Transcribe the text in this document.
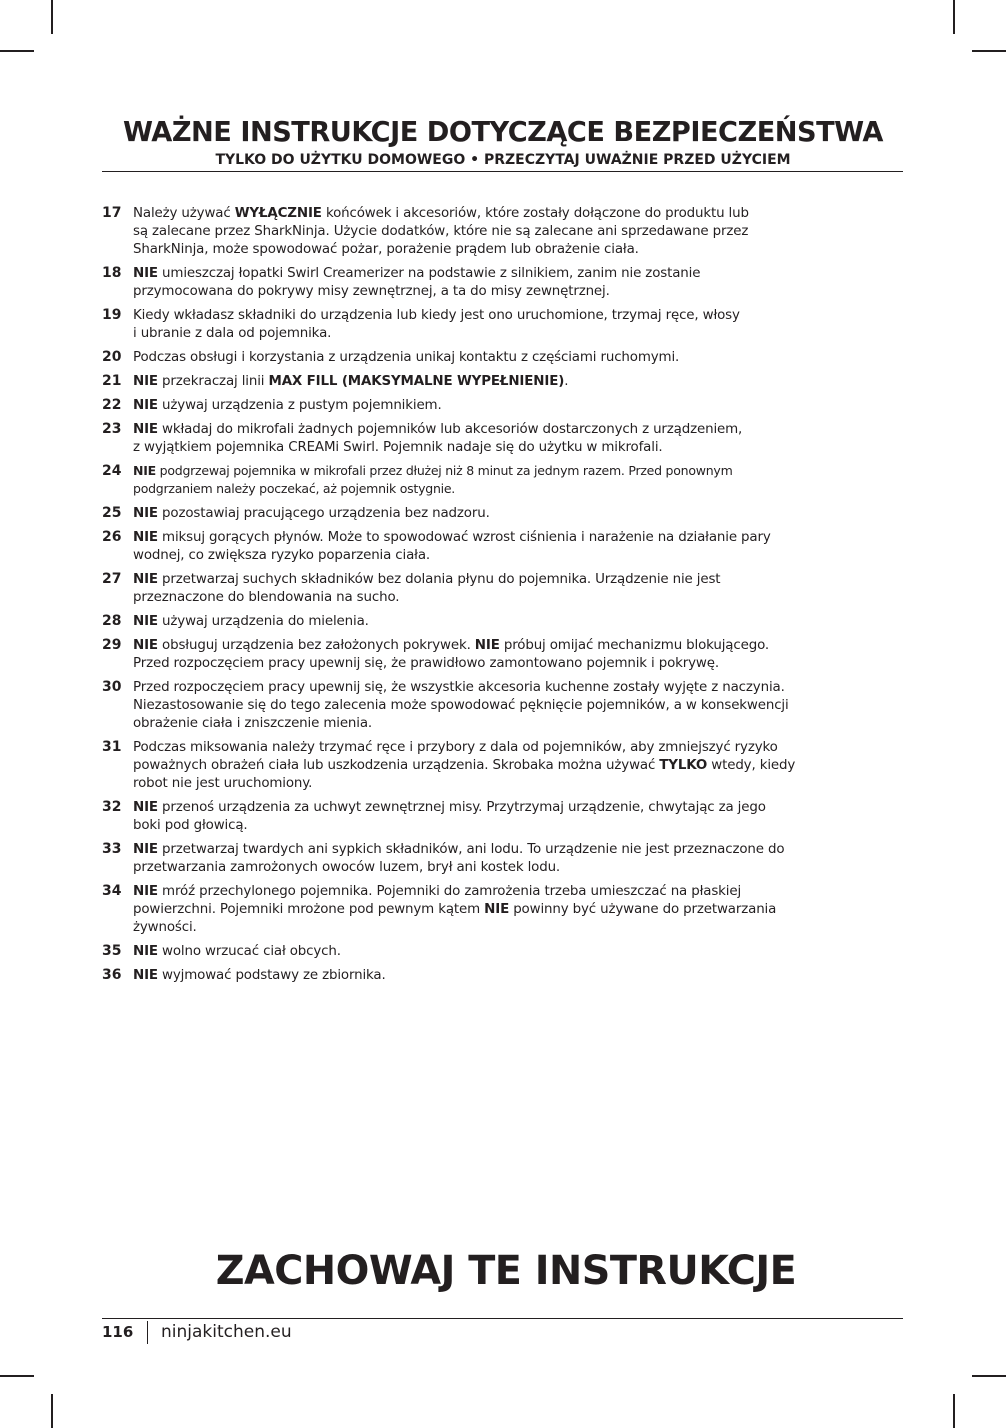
WAŻNE INSTRUKCJE DOTYCZĄCE BEZPIECZEŃSTWA
TYLKO DO UŻYTKU DOMOWEGO • PRZECZYTAJ UWAŻNIE PRZED UŻYCIEM
17 Należy używać WYŁĄCZNIE końcówek i akcesoriów, które zostały dołączone do produktu lub
są zalecane przez SharkNinja. Użycie dodatków, które nie są zalecane ani sprzedawane przez
SharkNinja, może spowodować pożar, porażenie prądem lub obrażenie ciała.

18 NIE umieszczaj łopatki Swirl Creamerizer na podstawie z silnikiem, zanim nie zostanie
przymocowana do pokrywy misy zewnętrznej, a ta do misy zewnętrznej.

19 Kiedy wkładasz składniki do urządzenia lub kiedy jest ono uruchomione, trzymaj ręce, włosy
i ubranie z dala od pojemnika.

20 Podczas obsługi i korzystania z urządzenia unikaj kontaktu z częściami ruchomymi.

21 NIE przekraczaj linii MAX FILL (MAKSYMALNE WYPEŁNIENIE).

22 NIE używaj urządzenia z pustym pojemnikiem.

23 NIE wkładaj do mikrofali żadnych pojemników lub akcesoriów dostarczonych z urządzeniem,
z wyjątkiem pojemnika CREAMi Swirl. Pojemnik nadaje się do użytku w mikrofali.

24 NIE podgrzewaj pojemnika w mikrofali przez dłużej niż 8 minut za jednym razem. Przed ponownym
podgrzaniem należy poczekać, aż pojemnik ostygnie.

25 NIE pozostawiaj pracującego urządzenia bez nadzoru.

26 NIE miksuj gorących płynów. Może to spowodować wzrost ciśnienia i narażenie na działanie pary
wodnej, co zwiększa ryzyko poparzenia ciała.

27 NIE przetwarzaj suchych składników bez dolania płynu do pojemnika. Urządzenie nie jest
przeznaczone do blendowania na sucho.

28 NIE używaj urządzenia do mielenia.

29 NIE obsługuj urządzenia bez założonych pokrywek. NIE próbuj omijać mechanizmu blokującego.
Przed rozpoczęciem pracy upewnij się, że prawidłowo zamontowano pojemnik i pokrywę.

30 Przed rozpoczęciem pracy upewnij się, że wszystkie akcesoria kuchenne zostały wyjęte z naczynia.
Niezastosowanie się do tego zalecenia może spowodować pęknięcie pojemników, a w konsekwencji
obrażenie ciała i zniszczenie mienia.

31 Podczas miksowania należy trzymać ręce i przybory z dala od pojemników, aby zmniejszyć ryzyko
poważnych obrażeń ciała lub uszkodzenia urządzenia. Skrobaka można używać TYLKO wtedy, kiedy
robot nie jest uruchomiony.

32 NIE przenoś urządzenia za uchwyt zewnętrznej misy. Przytrzymaj urządzenie, chwytając za jego
boki pod głowicą.

33 NIE przetwarzaj twardych ani sypkich składników, ani lodu. To urządzenie nie jest przeznaczone do
przetwarzania zamrożonych owoców luzem, brył ani kostek lodu.

34 NIE mróź przechylonego pojemnika. Pojemniki do zamrożenia trzeba umieszczać na płaskiej
powierzchni. Pojemniki mrożone pod pewnym kątem NIE powinny być używane do przetwarzania
żywności.

35 NIE wolno wrzucać ciał obcych.

36 NIE wyjmować podstawy ze zbiornika.

ZACHOWAJ TE INSTRUKCJE
116 ninjakitchen.eu
